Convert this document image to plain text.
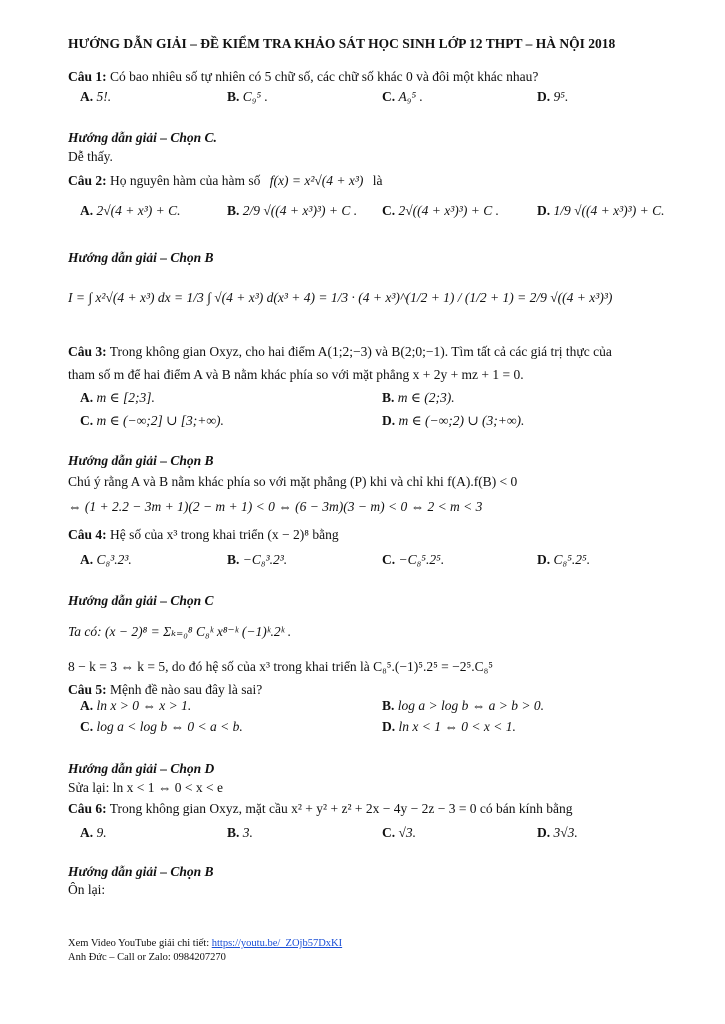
HƯỚNG DẪN GIẢI – ĐỀ KIỂM TRA KHẢO SÁT HỌC SINH LỚP 12 THPT – HÀ NỘI 2018
Câu 1: Có bao nhiêu số tự nhiên có 5 chữ số, các chữ số khác 0 và đôi một khác nhau?
A. 5!.	B. C₉⁵ .	C. A₉⁵ .	D. 9⁵.
Hướng dẫn giải – Chọn C.
Dễ thấy.
Câu 2: Họ nguyên hàm của hàm số f(x) = x²√(4 + x³) là
A. 2√(4 + x³) + C.	B. 2/9 √((4 + x³)³) + C . C. 2√((4 + x³)³) + C .	D. 1/9 √((4 + x³)³) + C.
Hướng dẫn giải – Chọn B
I = ∫ x²√(4 + x³) dx = 1/3 ∫ √(4 + x³) d(x³ + 4) = 1/3 · (4 + x³)^(1/2 + 1) / (1/2 + 1) = 2/9 √((4 + x³)³)
Câu 3: Trong không gian Oxyz, cho hai điểm A(1;2;−3) và B(2;0;−1). Tìm tất cả các giá trị thực của
tham số m để hai điểm A và B nằm khác phía so với mặt phẳng x + 2y + mz + 1 = 0.
A. m ∈ [2;3].	B. m ∈ (2;3).
C. m ∈ (−∞;2] ∪ [3;+∞).	D. m ∈ (−∞;2) ∪ (3;+∞).
Hướng dẫn giải – Chọn B
Chú ý rằng A và B nằm khác phía so với mặt phẳng (P) khi và chỉ khi f(A).f(B) < 0
⇔ (1 + 2.2 − 3m + 1)(2 − m + 1) < 0 ⇔ (6 − 3m)(3 − m) < 0 ⇔ 2 < m < 3
Câu 4: Hệ số của x³ trong khai triển (x − 2)⁸ bằng
A. C₈³.2³.	B. −C₈³.2³.	C. −C₈⁵.2⁵.	D. C₈⁵.2⁵.
Hướng dẫn giải – Chọn C
Ta có: (x − 2)⁸ = Σₖ₌₀⁸ C₈ᵏ x⁸⁻ᵏ (−1)ᵏ.2ᵏ .
8 − k = 3 ⇔ k = 5, do đó hệ số của x³ trong khai triển là C₈⁵.(−1)⁵.2⁵ = −2⁵.C₈⁵
Câu 5: Mệnh đề nào sau đây là sai?
A. ln x > 0 ⇔ x > 1.	B. log a > log b ⇔ a > b > 0.
C. log a < log b ⇔ 0 < a < b.	D. ln x < 1 ⇔ 0 < x < 1.
Hướng dẫn giải – Chọn D
Sửa lại: ln x < 1 ⇔ 0 < x < e
Câu 6: Trong không gian Oxyz, mặt cầu x² + y² + z² + 2x − 4y − 2z − 3 = 0 có bán kính bằng
A. 9.	B. 3.	C. √3.	D. 3√3.
Hướng dẫn giải – Chọn B
Ôn lại:
Xem Video YouTube giải chi tiết: https://youtu.be/_ZOjb57DxKI
Anh Đức – Call or Zalo: 0984207270
